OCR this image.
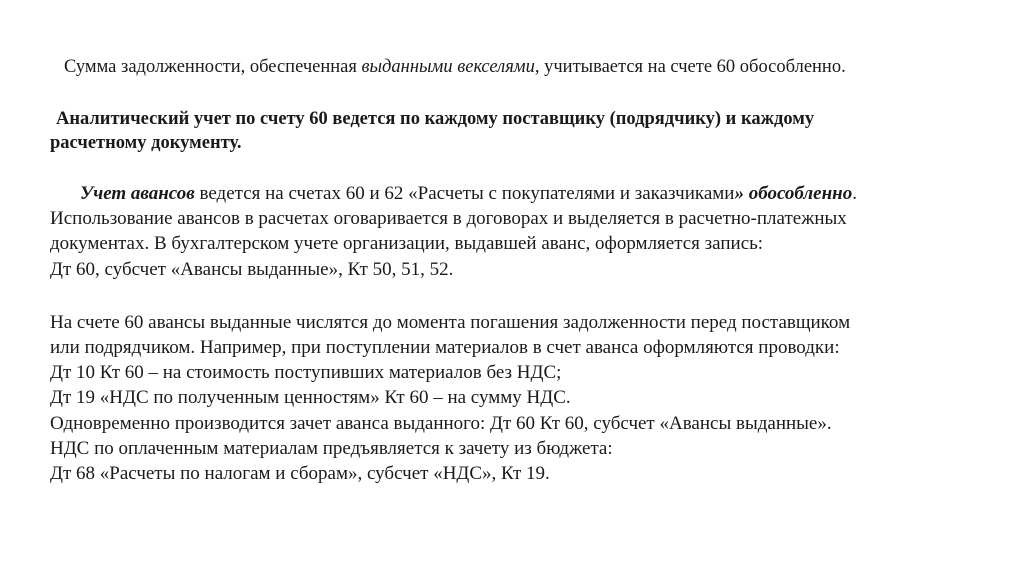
Сумма задолженности, обеспеченная выданными векселями, учитывается на счете 60 обособленно.
Аналитический учет по счету 60 ведется по каждому поставщику (подрядчику) и каждому
расчетному документу.
Учет авансов ведется на счетах 60 и 62 «Расчеты с покупателями и заказчиками» обособленно.
Использование авансов в расчетах оговаривается в договорах и выделяется в расчетно-платежных
документах. В бухгалтерском учете организации, выдавшей аванс, оформляется запись:
Дт 60, субсчет «Авансы выданные», Кт 50, 51, 52.
На счете 60 авансы выданные числятся до момента погашения задолженности перед поставщиком
или подрядчиком. Например, при поступлении материалов в счет аванса оформляются проводки:
Дт 10 Кт 60 – на стоимость поступивших материалов без НДС;
Дт 19 «НДС по полученным ценностям» Кт 60 – на сумму НДС.
Одновременно производится зачет аванса выданного: Дт 60 Кт 60, субсчет «Авансы выданные».
НДС по оплаченным материалам предъявляется к зачету из бюджета:
Дт 68 «Расчеты по налогам и сборам», субсчет «НДС», Кт 19.
